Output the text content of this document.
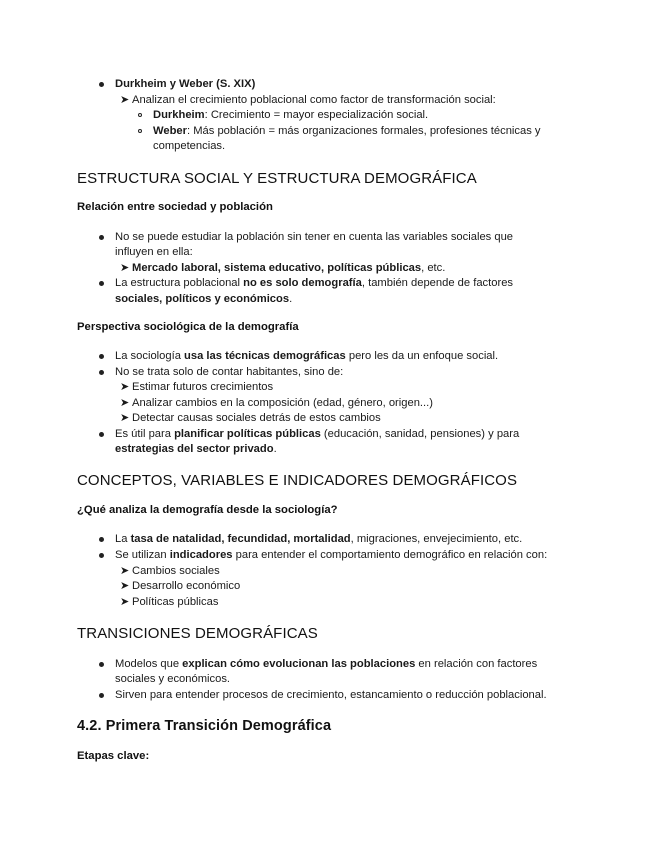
Durkheim y Weber (S. XIX)
➤ Analizan el crecimiento poblacional como factor de transformación social:
Durkheim: Crecimiento = mayor especialización social.
Weber: Más población = más organizaciones formales, profesiones técnicas y
competencias.
ESTRUCTURA SOCIAL Y ESTRUCTURA DEMOGRÁFICA
Relación entre sociedad y población
No se puede estudiar la población sin tener en cuenta las variables sociales que
influyen en ella:
➤ Mercado laboral, sistema educativo, políticas públicas, etc.
La estructura poblacional no es solo demografía, también depende de factores
sociales, políticos y económicos.
Perspectiva sociológica de la demografía
La sociología usa las técnicas demográficas pero les da un enfoque social.
No se trata solo de contar habitantes, sino de:
➤ Estimar futuros crecimientos
➤ Analizar cambios en la composición (edad, género, origen...)
➤ Detectar causas sociales detrás de estos cambios
Es útil para planificar políticas públicas (educación, sanidad, pensiones) y para
estrategias del sector privado.
CONCEPTOS, VARIABLES E INDICADORES DEMOGRÁFICOS
¿Qué analiza la demografía desde la sociología?
La tasa de natalidad, fecundidad, mortalidad, migraciones, envejecimiento, etc.
Se utilizan indicadores para entender el comportamiento demográfico en relación con:
➤ Cambios sociales
➤ Desarrollo económico
➤ Políticas públicas
TRANSICIONES DEMOGRÁFICAS
Modelos que explican cómo evolucionan las poblaciones en relación con factores
sociales y económicos.
Sirven para entender procesos de crecimiento, estancamiento o reducción poblacional.
4.2. Primera Transición Demográfica
Etapas clave:
